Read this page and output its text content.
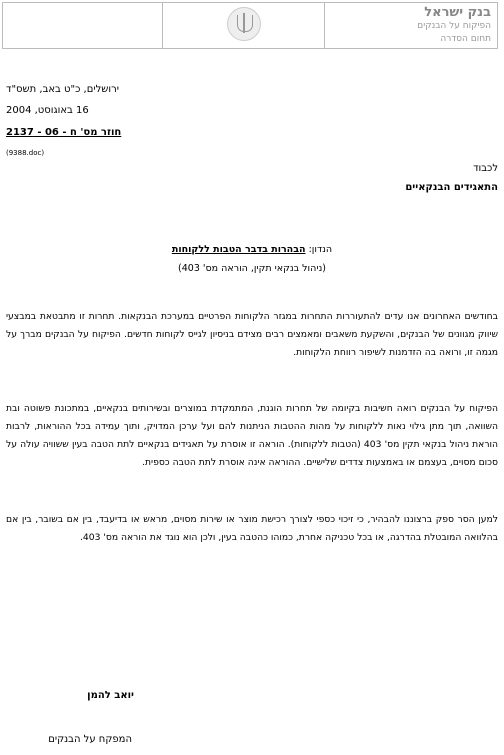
בנק ישראל
הפיקוח על הבנקים
תחום הסדרה
ירושלים, כ"ט באב, תשס"ד
16 באוגוסט, 2004
חוזר מס' ח - 06 - 2137
(9388.doc)
לכבוד
התאגידים הבנקאיים
הנדון: הבהרות בדבר הטבות ללקוחות
(ניהול בנקאי תקין, הוראה מס' 403)
בחודשים האחרונים אנו עדים להתעוררות התחרות במגזר הלקוחות הפרטיים במערכת הבנקאות. תחרות זו מתבטאת במבצעי שיווק מגוונים של הבנקים, והשקעת משאבים ומאמצים רבים מצידם בניסיון לגייס לקוחות חדשים. הפיקוח על הבנקים מברך על מגמה זו, ורואה בה הזדמנות לשיפור רווחת הלקוחות.
הפיקוח על הבנקים רואה חשיבות בקיומה של תחרות הוגנת, המתמקדת במוצרים ובשירותים בנקאיים, במתכונת פשוטה ובת השוואה, תוך מתן גילוי נאות ללקוחות על מהות ההטבות הניתנות להם ועל ערכן המדויק, ותוך עמידה בכל ההוראות, לרבות הוראת ניהול בנקאי תקין מס' 403 (הטבות ללקוחות). הוראה זו אוסרת על תאגידים בנקאיים לתת הטבה בעין ששוויה עולה על סכום מסוים, בעצמם או באמצעות צדדים שלישיים. ההוראה אינה אוסרת לתת הטבה כספית.
למען הסר ספק ברצוננו להבהיר, כי זיכוי כספי לצורך רכישת מוצר או שירות מסוים, מראש או בדיעבד, בין אם בשובר, בין אם בהלוואה המובטלת בהדרגה, או בכל טכניקה אחרת, כמוהו כהטבה בעין, ולכן הוא נוגד את הוראה מס' 403.
יואב להמן
המפקח על הבנקים
